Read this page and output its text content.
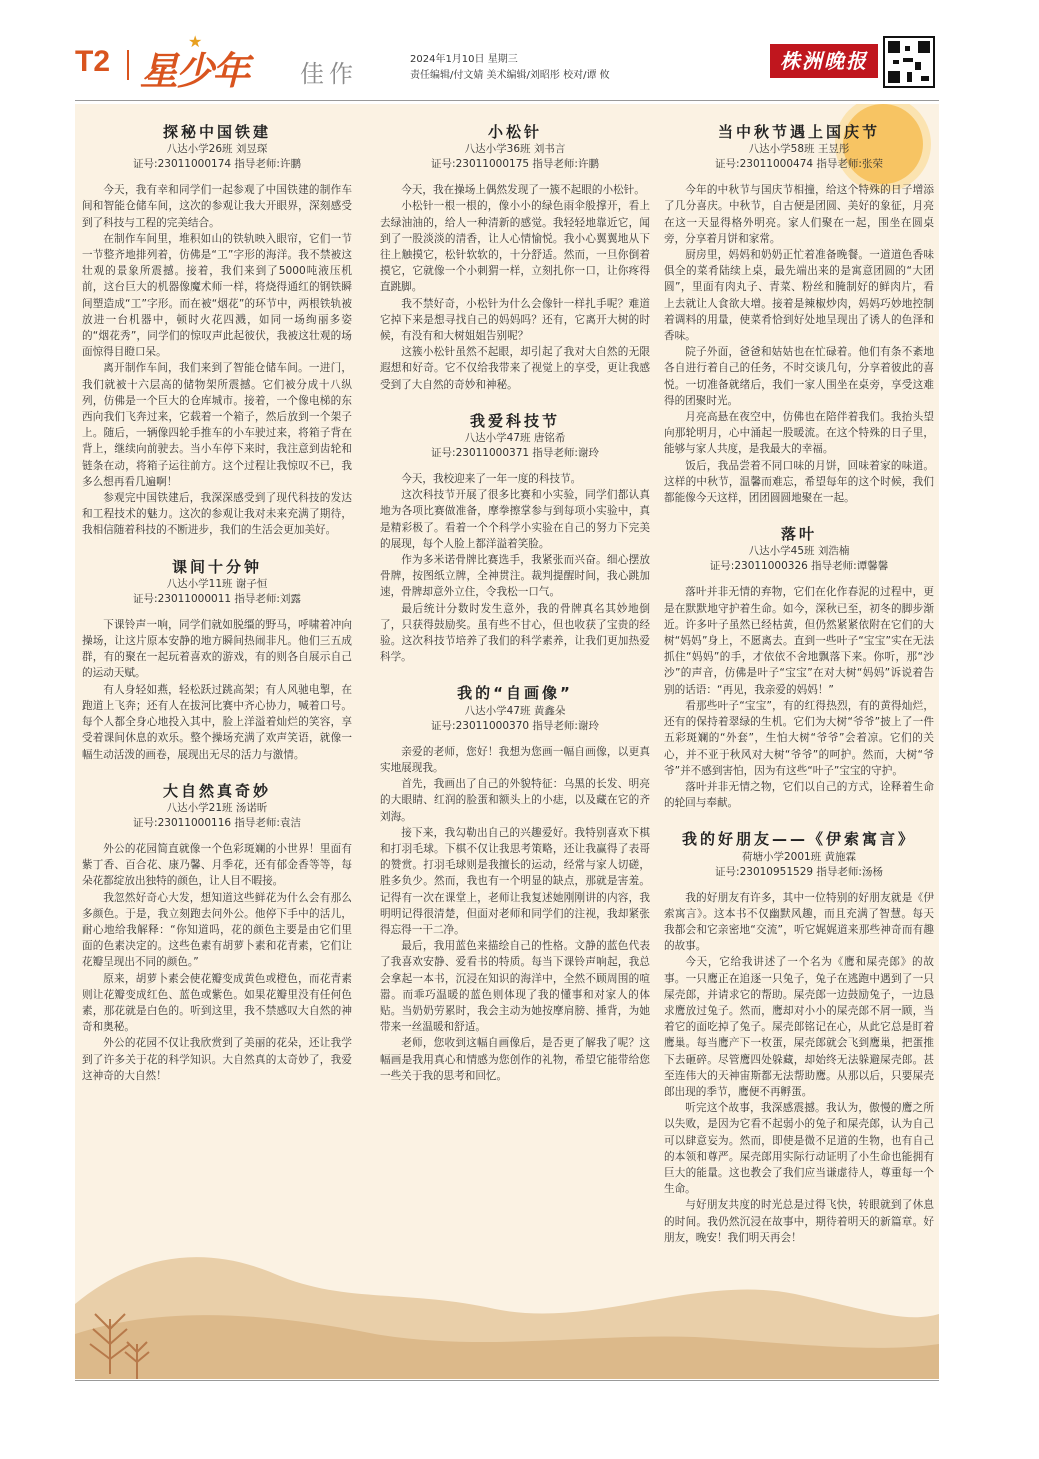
T2 星少年
★
佳作
2024年1月10日 星期三
责任编辑/付文婧 美术编辑/刘昭彤 校对/谭 攸
株洲晚报
探秘中国铁建
八达小学26班 刘昱琛
证号:23011000174 指导老师:许鹏

今天，我有幸和同学们一起参观了中国铁建的制作车间和智能仓储车间，这次的参观让我大开眼界，深刻感受到了科技与工程的完美结合。

在制作车间里，堆积如山的铁轨映入眼帘，它们一节一节整齐地排列着，仿佛是“工”字形的海洋。我不禁被这壮观的景象所震撼。接着，我们来到了5000吨液压机前，这台巨大的机器像魔术师一样，将烧得通红的钢铁瞬间塑造成“工”字形。而在被“烟花”的环节中，两根铁轨被放进一台机器中，顿时火花四溅，如同一场绚丽多姿的“烟花秀”，同学们的惊叹声此起彼伏，我被这壮观的场面惊得目瞪口呆。

离开制作车间，我们来到了智能仓储车间。一进门，我们就被十六层高的储物架所震撼。它们被分成十八纵列，仿佛是一个巨大的仓库城市。接着，一个像电梯的东西向我们飞奔过来，它载着一个箱子，然后放到一个架子上。随后，一辆像四轮手推车的小车驶过来，将箱子背在背上，继续向前驶去。当小车停下来时，我注意到齿轮和链条在动，将箱子运往前方。这个过程让我惊叹不已，我多么想再看几遍啊！

参观完中国铁建后，我深深感受到了现代科技的发达和工程技术的魅力。这次的参观让我对未来充满了期待，我相信随着科技的不断进步，我们的生活会更加美好。

课间十分钟
八达小学11班 谢子恒
证号:23011000011 指导老师:刘露

下课铃声一响，同学们就如脱缰的野马，呼啸着冲向操场，让这片原本安静的地方瞬间热闹非凡。他们三五成群，有的聚在一起玩着喜欢的游戏，有的则各自展示自己的运动天赋。

有人身轻如燕，轻松跃过跳高架；有人风驰电掣，在跑道上飞奔；还有人在拔河比赛中齐心协力，喊着口号。每个人都全身心地投入其中，脸上洋溢着灿烂的笑容，享受着课间休息的欢乐。整个操场充满了欢声笑语，就像一幅生动活泼的画卷，展现出无尽的活力与激情。

大自然真奇妙
八达小学21班 汤诺昕
证号:23011000116 指导老师:袁洁

外公的花园简直就像一个色彩斑斓的小世界！里面有紫丁香、百合花、康乃馨、月季花，还有郁金香等等，每朵花都绽放出独特的颜色，让人目不暇接。

我忽然好奇心大发，想知道这些鲜花为什么会有那么多颜色。于是，我立刻跑去问外公。他停下手中的活儿，耐心地给我解释：“你知道吗，花的颜色主要是由它们里面的色素决定的。这些色素有胡萝卜素和花青素，它们让花瓣呈现出不同的颜色。”

原来，胡萝卜素会使花瓣变成黄色或橙色，而花青素则让花瓣变成红色、蓝色或紫色。如果花瓣里没有任何色素，那花就是白色的。听到这里，我不禁感叹大自然的神奇和奥秘。

外公的花园不仅让我欣赏到了美丽的花朵，还让我学到了许多关于花的科学知识。大自然真的太奇妙了，我爱这神奇的大自然！

小松针
八达小学36班 刘书言
证号:23011000175 指导老师:许鹏

今天，我在操场上偶然发现了一簇不起眼的小松针。

小松针一根一根的，像小小的绿色雨伞般撑开，看上去绿油油的，给人一种清新的感觉。我轻轻地靠近它，闻到了一股淡淡的清香，让人心情愉悦。我小心翼翼地从下往上触摸它，松针软软的，十分舒适。然而，一旦你倒着摸它，它就像一个小刺猬一样，立刻扎你一口，让你疼得直跳脚。

我不禁好奇，小松针为什么会像针一样扎手呢？难道它掉下来是想寻找自己的妈妈吗？还有，它离开大树的时候，有没有和大树姐姐告别呢？

这簇小松针虽然不起眼，却引起了我对大自然的无限遐想和好奇。它不仅给我带来了视觉上的享受，更让我感受到了大自然的奇妙和神秘。

我爱科技节
八达小学47班 唐铭希
证号:23011000371 指导老师:谢玲

今天，我校迎来了一年一度的科技节。

这次科技节开展了很多比赛和小实验，同学们都认真地为各项比赛做准备，摩拳擦掌参与到每项小实验中，真是精彩极了。看着一个个科学小实验在自己的努力下完美的展现，每个人脸上都洋溢着笑脸。

作为多米诺骨牌比赛选手，我紧张而兴奋。细心摆放骨牌，按图纸立牌，全神贯注。裁判提醒时间，我心跳加速，骨牌却意外立住，令我松一口气。

最后统计分数时发生意外，我的骨牌真名其妙地倒了，只获得鼓励奖。虽有些不甘心，但也收获了宝贵的经验。这次科技节培养了我们的科学素养，让我们更加热爱科学。

我的“自画像”
八达小学47班 黄鑫朵
证号:23011000370 指导老师:谢玲

亲爱的老师，您好！我想为您画一幅自画像，以更真实地展现我。

首先，我画出了自己的外貌特征：乌黑的长发、明亮的大眼睛、红润的脸蛋和额头上的小痣，以及藏在它的齐刘海。

接下来，我勾勒出自己的兴趣爱好。我特别喜欢下棋和打羽毛球。下棋不仅让我思考策略，还让我赢得了表哥的赞赏。打羽毛球则是我擅长的运动，经常与家人切磋，胜多负少。然而，我也有一个明显的缺点，那就是害羞。记得有一次在课堂上，老师让我复述她刚刚讲的内容，我明明记得很清楚，但面对老师和同学们的注视，我却紧张得忘得一干二净。

最后，我用蓝色来描绘自己的性格。文静的蓝色代表了我喜欢安静、爱看书的特质。每当下课铃声响起，我总会拿起一本书，沉浸在知识的海洋中，全然不顾周围的喧嚣。而乖巧温暖的蓝色则体现了我的懂事和对家人的体贴。当奶奶劳累时，我会主动为她按摩肩膀、捶背，为她带来一丝温暖和舒适。

老师，您收到这幅自画像后，是否更了解我了呢？这幅画是我用真心和情感为您创作的礼物，希望它能带给您一些关于我的思考和回忆。

当中秋节遇上国庆节
八达小学58班 王昱彤
证号:23011000474 指导老师:张荣

今年的中秋节与国庆节相撞，给这个特殊的日子增添了几分喜庆。中秋节，自古便是团圆、美好的象征，月亮在这一天显得格外明亮。家人们聚在一起，围坐在圆桌旁，分享着月饼和家常。

厨房里，妈妈和奶奶正忙着准备晚餐。一道道色香味俱全的菜肴陆续上桌，最先端出来的是寓意团圆的“大团圆”，里面有肉丸子、青菜、粉丝和腌制好的鲜肉片，看上去就让人食欲大增。接着是辣椒炒肉，妈妈巧妙地控制着调料的用量，使菜肴恰到好处地呈现出了诱人的色泽和香味。

院子外面，爸爸和姑姑也在忙碌着。他们有条不紊地各自进行着自己的任务，不时交谈几句，分享着彼此的喜悦。一切准备就绪后，我们一家人围坐在桌旁，享受这难得的团聚时光。

月亮高悬在夜空中，仿佛也在陪伴着我们。我抬头望向那轮明月，心中涌起一股暖流。在这个特殊的日子里，能够与家人共度，是我最大的幸福。

饭后，我品尝着不同口味的月饼，回味着家的味道。这样的中秋节，温馨而难忘，希望每年的这个时候，我们都能像今天这样，团团圆圆地聚在一起。

落叶
八达小学45班 刘浩楠
证号:23011000326 指导老师:谭馨馨

落叶并非无情的弃物，它们在化作春泥的过程中，更是在默默地守护着生命。如今，深秋已至，初冬的脚步渐近。许多叶子虽然已经枯黄，但仍然紧紧依附在它们的大树“妈妈”身上，不愿离去。直到一些叶子“宝宝”实在无法抓住“妈妈”的手，才依依不舍地飘落下来。你听，那“沙沙”的声音，仿佛是叶子“宝宝”在对大树“妈妈”诉说着告别的话语：“再见，我亲爱的妈妈！”

看那些叶子“宝宝”，有的红得热烈，有的黄得灿烂，还有的保持着翠绿的生机。它们为大树“爷爷”披上了一件五彩斑斓的“外套”，生怕大树“爷爷”会着凉。它们的关心，并不亚于秋风对大树“爷爷”的呵护。然而，大树“爷爷”并不感到害怕，因为有这些“叶子”宝宝的守护。

落叶并非无情之物，它们以自己的方式，诠释着生命的轮回与奉献。

我的好朋友——《伊索寓言》
荷塘小学2001班 黄施霖
证号:23010951529 指导老师:汤杨

我的好朋友有许多，其中一位特别的好朋友就是《伊索寓言》。这本书不仅幽默风趣，而且充满了智慧。每天我都会和它亲密地“交流”，听它娓娓道来那些神奇而有趣的故事。

今天，它给我讲述了一个名为《鹰和屎壳郎》的故事。一只鹰正在追逐一只兔子，兔子在逃跑中遇到了一只屎壳郎，并请求它的帮助。屎壳郎一边鼓励兔子，一边恳求鹰放过兔子。然而，鹰却对小小的屎壳郎不屑一顾，当着它的面吃掉了兔子。屎壳郎铭记在心，从此它总是盯着鹰巢。每当鹰产下一枚蛋，屎壳郎就会飞到鹰巢，把蛋推下去砸碎。尽管鹰四处躲藏，却始终无法躲避屎壳郎。甚至连伟大的天神宙斯都无法帮助鹰。从那以后，只要屎壳郎出现的季节，鹰便不再孵蛋。

听完这个故事，我深感震撼。我认为，傲慢的鹰之所以失败，是因为它看不起弱小的兔子和屎壳郎，认为自己可以肆意妄为。然而，即使是微不足道的生物，也有自己的本领和尊严。屎壳郎用实际行动证明了小生命也能拥有巨大的能量。这也教会了我们应当谦虚待人，尊重每一个生命。

与好朋友共度的时光总是过得飞快，转眼就到了休息的时间。我仍然沉浸在故事中，期待着明天的新篇章。好朋友，晚安！我们明天再会！
